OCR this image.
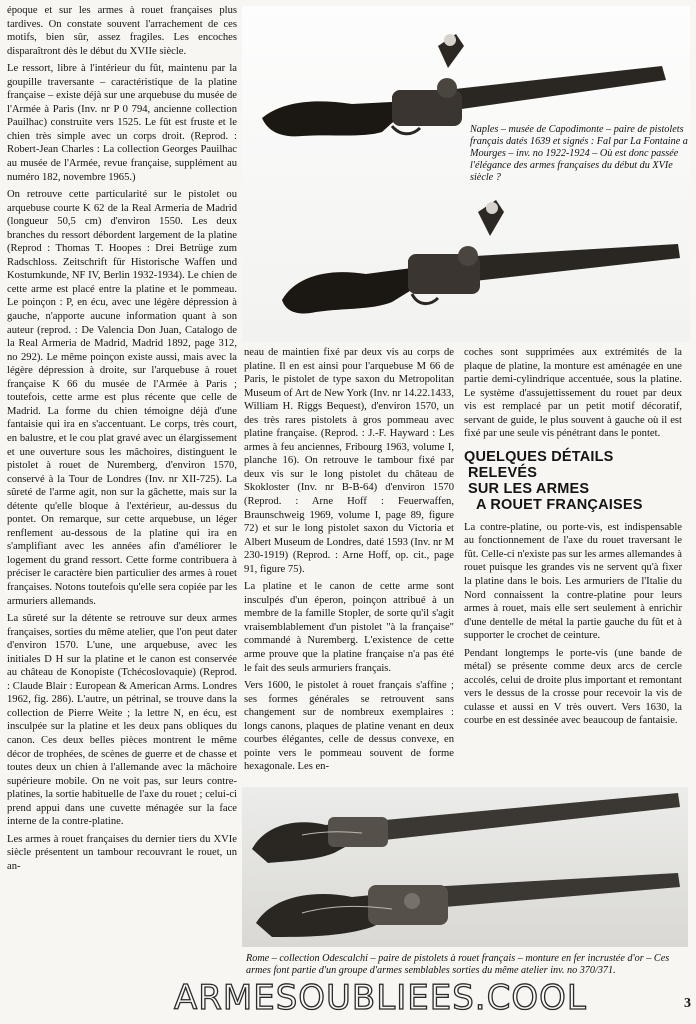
époque et sur les armes à rouet françaises plus tardives. On constate souvent l'arrachement de ces motifs, bien sûr, assez fragiles. Les encoches disparaîtront dès le début du XVIIe siècle.

Le ressort, libre à l'intérieur du fût, maintenu par la goupille traversante – caractéristique de la platine française – existe déjà sur une arquebuse du musée de l'Armée à Paris (Inv. nr P 0 794, ancienne collection Pauilhac) construite vers 1525. Le fût est fruste et le chien très simple avec un corps droit. (Reprod. : Robert-Jean Charles : La collection Georges Pauilhac au musée de l'Armée, revue française, supplément au numéro 182, novembre 1965.)

On retrouve cette particularité sur le pistolet ou arquebuse courte K 62 de la Real Armeria de Madrid (longueur 50,5 cm) d'environ 1550. Les deux branches du ressort débordent largement de la platine (Reprod : Thomas T. Hoopes : Drei Betrüge zum Radschloss. Zeitschrift für Historische Waffen und Kostumkunde, NF IV, Berlin 1932-1934). Le chien de cette arme est placé entre la platine et le pommeau. Le poinçon : P, en écu, avec une légère dépression à gauche, n'apporte aucune information quant à son auteur (reprod. : De Valencia Don Juan, Catalogo de la Real Armeria de Madrid, Madrid 1892, page 312, no 292). Le même poinçon existe aussi, mais avec la légère dépression à droite, sur l'arquebuse à rouet française K 66 du musée de l'Armée à Paris ; toutefois, cette arme est plus récente que celle de Madrid. La forme du chien témoigne déjà d'une fantaisie qui ira en s'accentuant. Le corps, très court, en balustre, et le cou plat gravé avec un élargissement et une ouverture sous les mâchoires, distinguent le pistolet à rouet de Nuremberg, d'environ 1570, conservé à la Tour de Londres (Inv. nr XII-725). La sûreté de l'arme agit, non sur la gâchette, mais sur la détente qu'elle bloque à l'extérieur, au-dessus du pontet. On remarque, sur cette arquebuse, un léger renflement au-dessous de la platine qui ira en s'amplifiant avec les années afin d'améliorer le logement du grand ressort. Cette forme contribuera à préciser le caractère bien particulier des armes à rouet françaises. Notons toutefois qu'elle sera copiée par les armuriers allemands.

La sûreté sur la détente se retrouve sur deux armes françaises, sorties du même atelier, que l'on peut dater d'environ 1570. L'une, une arquebuse, avec les initiales D H sur la platine et le canon est conservée au château de Konopiste (Tchécoslovaquie) (Reprod. : Claude Blair : European & American Arms. Londres 1962, fig. 286). L'autre, un pétrinal, se trouve dans la collection de Pierre Weite ; la lettre N, en écu, est insculpée sur la platine et les deux pans obliques du canon. Ces deux belles pièces montrent le même décor de trophées, de scènes de guerre et de chasse et toutes deux un chien à l'allemande avec la mâchoire supérieure mobile. On ne voit pas, sur leurs contre-platines, la sortie habituelle de l'axe du rouet ; celui-ci prend appui dans une cuvette ménagée sur la face interne de la contre-platine.

Les armes à rouet françaises du dernier tiers du XVIe siècle présentent un tambour recouvrant le rouet, un an-

neau de maintien fixé par deux vis au corps de platine. Il en est ainsi pour l'arquebuse M 66 de Paris, le pistolet de type saxon du Metropolitan Museum of Art de New York (Inv. nr 14.22.1433, William H. Riggs Bequest), d'environ 1570, un des très rares pistolets à gros pommeau avec platine française. (Reprod. : J.-F. Hayward : Les armes à feu anciennes, Fribourg 1963, volume I, planche 16). On retrouve le tambour fixé par deux vis sur le long pistolet du château de Skokloster (Inv. nr B-B-64) d'environ 1570 (Reprod. : Arne Hoff : Feuerwaffen, Braunschweig 1969, volume I, page 89, figure 72) et sur le long pistolet saxon du Victoria et Albert Museum de Londres, daté 1593 (Inv. nr M 230-1919) (Reprod. : Arne Hoff, op. cit., page 91, figure 75).

La platine et le canon de cette arme sont insculpés d'un éperon, poinçon attribué à un membre de la famille Stopler, de sorte qu'il s'agit vraisemblablement d'un pistolet "à la française" commandé à Nuremberg. L'existence de cette arme prouve que la platine française n'a pas été le fait des seuls armuriers français.

Vers 1600, le pistolet à rouet français s'affine ; ses formes générales se retrouvent sans changement sur de nombreux exemplaires : longs canons, plaques de platine venant en deux courbes élégantes, celle de dessus convexe, en pointe vers le pommeau souvent de forme hexagonale. Les en-

coches sont supprimées aux extrémités de la plaque de platine, la monture est aménagée en une partie demi-cylindrique accentuée, sous la platine. Le système d'assujettissement du rouet par deux vis est remplacé par un petit motif décoratif, servant de guide, le plus souvent à gauche où il est fixé par une seule vis pénétrant dans le pontet.

QUELQUES DÉTAILS
RELEVÉS
SUR LES ARMES
A ROUET FRANÇAISES

La contre-platine, ou porte-vis, est indispensable au fonctionnement de l'axe du rouet traversant le fût. Celle-ci n'existe pas sur les armes allemandes à rouet puisque les grandes vis ne servent qu'à fixer la platine dans le bois. Les armuriers de l'Italie du Nord connaissent la contre-platine pour leurs armes à rouet, mais elle sert seulement à enrichir d'une dentelle de métal la partie gauche du fût et à supporter le crochet de ceinture.

Pendant longtemps le porte-vis (une bande de métal) se présente comme deux arcs de cercle accolés, celui de droite plus important et remontant vers le dessus de la crosse pour recevoir la vis de culasse et aussi en V très ouvert. Vers 1630, la courbe en est dessinée avec beaucoup de fantaisie.

Naples – musée de Capodimonte – paire de pistolets français datés 1639 et signés : Fal par La Fontaine a Mourges – inv. no 1922-1924 – Où est donc passée l'élégance des armes françaises du début du XVIe siècle ?
Rome – collection Odescalchi – paire de pistolets à rouet français – monture en fer incrustée d'or – Ces armes font partie d'un groupe d'armes semblables sorties du même atelier inv. no 370/371.
ARMESOUBLIEES.COOL	3
